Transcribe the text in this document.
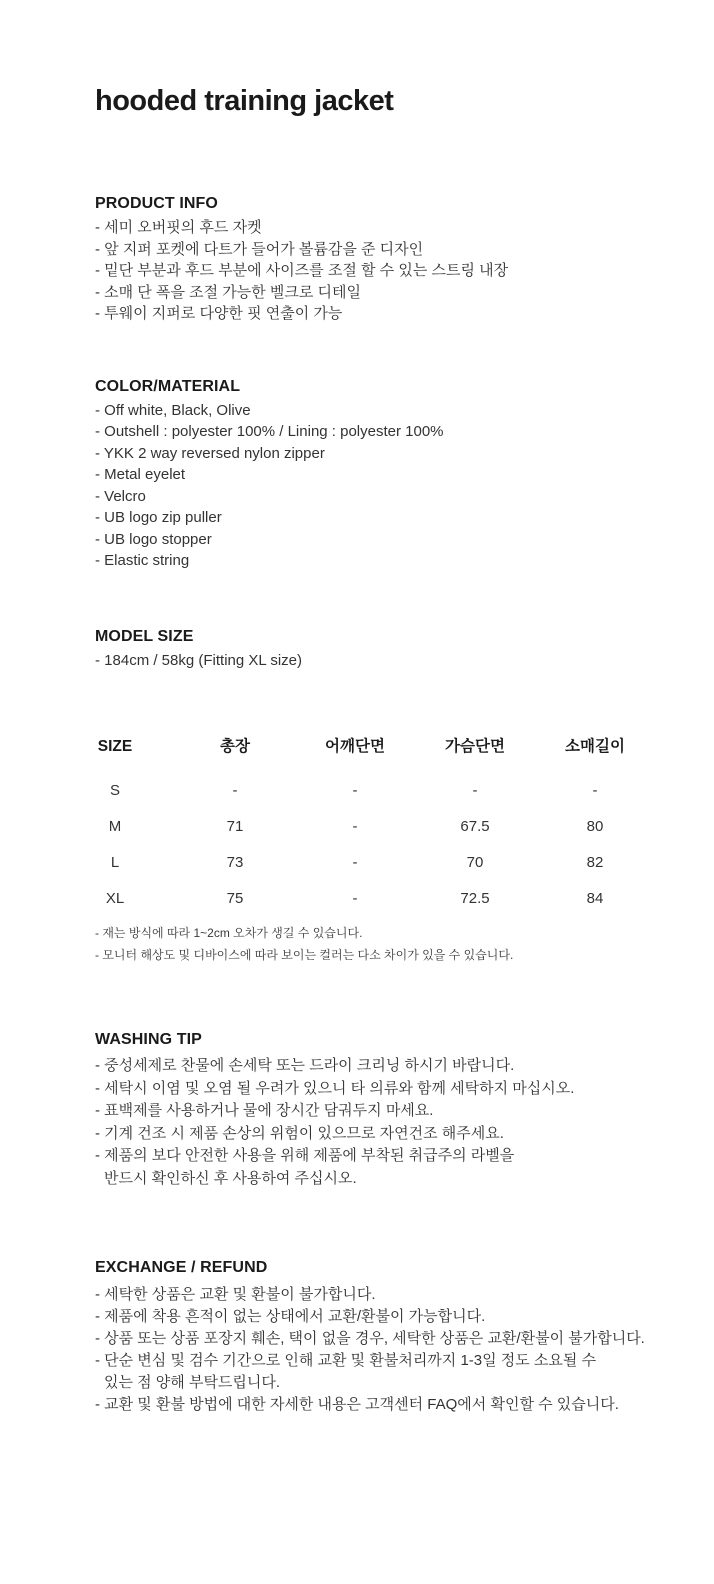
hooded training jacket
PRODUCT INFO
- 세미 오버핏의 후드 자켓
- 앞 지퍼 포켓에 다트가 들어가 볼륨감을 준 디자인
- 밑단 부분과 후드 부분에 사이즈를 조절 할 수 있는 스트링 내장
- 소매 단 폭을 조절 가능한 벨크로 디테일
- 투웨이 지퍼로 다양한 핏 연출이 가능
COLOR/MATERIAL
- Off white, Black, Olive
- Outshell : polyester 100% / Lining : polyester 100%
- YKK 2 way reversed nylon zipper
- Metal eyelet
- Velcro
- UB logo zip puller
- UB logo stopper
- Elastic string
MODEL SIZE
- 184cm / 58kg (Fitting XL size)
SIZE	총장	어깨단면	가슴단면	소매길이
S	-	-	-	-
M	71	-	67.5	80
L	73	-	70	82
XL	75	-	72.5	84
- 재는 방식에 따라 1~2cm 오차가 생길 수 있습니다.
- 모니터 해상도 및 디바이스에 따라 보이는 컬러는 다소 차이가 있을 수 있습니다.
WASHING TIP
- 중성세제로 찬물에 손세탁 또는 드라이 크리닝 하시기 바랍니다.
- 세탁시 이염 및 오염 될 우려가 있으니 타 의류와 함께 세탁하지 마십시오.
- 표백제를 사용하거나 물에 장시간 담궈두지 마세요.
- 기계 건조 시 제품 손상의 위험이 있으므로 자연건조 해주세요.
- 제품의 보다 안전한 사용을 위해 제품에 부착된 취급주의 라벨을
반드시 확인하신 후 사용하여 주십시오.
EXCHANGE / REFUND
- 세탁한 상품은 교환 및 환불이 불가합니다.
- 제품에 착용 흔적이 없는 상태에서 교환/환불이 가능합니다.
- 상품 또는 상품 포장지 훼손, 택이 없을 경우, 세탁한 상품은 교환/환불이 불가합니다.
- 단순 변심 및 검수 기간으로 인해 교환 및 환불처리까지 1-3일 정도 소요될 수
있는 점 양해 부탁드립니다.
- 교환 및 환불 방법에 대한 자세한 내용은 고객센터 FAQ에서 확인할 수 있습니다.
